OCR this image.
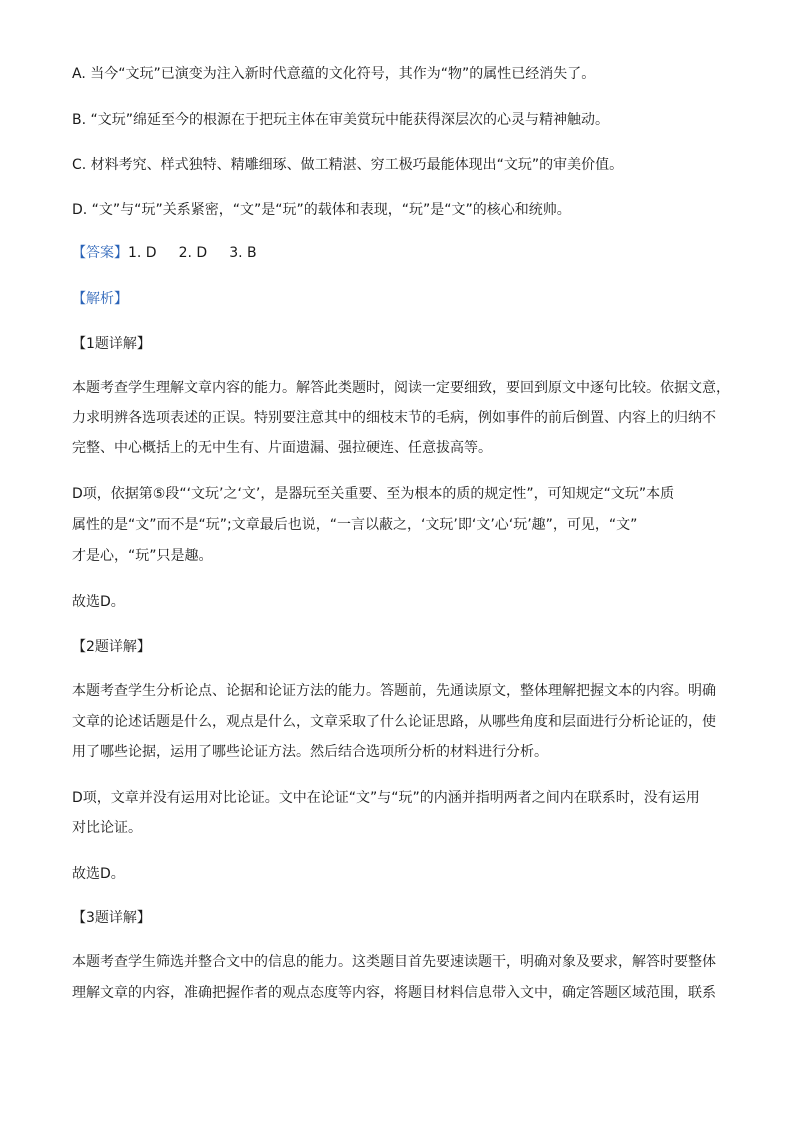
A. 当今“文玩”已演变为注入新时代意蕴的文化符号，其作为“物”的属性已经消失了。
B. “文玩”绵延至今的根源在于把玩主体在审美赏玩中能获得深层次的心灵与精神触动。
C. 材料考究、样式独特、精雕细琢、做工精湛、穷工极巧最能体现出“文玩”的审美价值。
D. “文”与“玩”关系紧密，“文”是“玩”的载体和表现，“玩”是“文”的核心和统帅。
【答案】1. D 2. D 3. B
【解析】
【1题详解】
本题考查学生理解文章内容的能力。解答此类题时，阅读一定要细致，要回到原文中逐句比较。依据文意，
力求明辨各选项表述的正误。特别要注意其中的细枝末节的毛病，例如事件的前后倒置、内容上的归纳不
完整、中心概括上的无中生有、片面遗漏、强拉硬连、任意拔高等。
D项，依据第⑤段“‘文玩’之‘文’，是器玩至关重要、至为根本的质的规定性”，可知规定“文玩”本质
属性的是“文”而不是“玩”;文章最后也说，“一言以蔽之，‘文玩’即‘文’心‘玩’趣”，可见，“文”
才是心，“玩”只是趣。
故选D。
【2题详解】
本题考查学生分析论点、论据和论证方法的能力。答题前，先通读原文，整体理解把握文本的内容。明确
文章的论述话题是什么，观点是什么，文章采取了什么论证思路，从哪些角度和层面进行分析论证的，使
用了哪些论据，运用了哪些论证方法。然后结合选项所分析的材料进行分析。
D项，文章并没有运用对比论证。文中在论证“文”与“玩”的内涵并指明两者之间内在联系时，没有运用
对比论证。
故选D。
【3题详解】
本题考查学生筛选并整合文中的信息的能力。这类题目首先要速读题干，明确对象及要求，解答时要整体
理解文章的内容，准确把握作者的观点态度等内容，将题目材料信息带入文中，确定答题区域范围，联系
